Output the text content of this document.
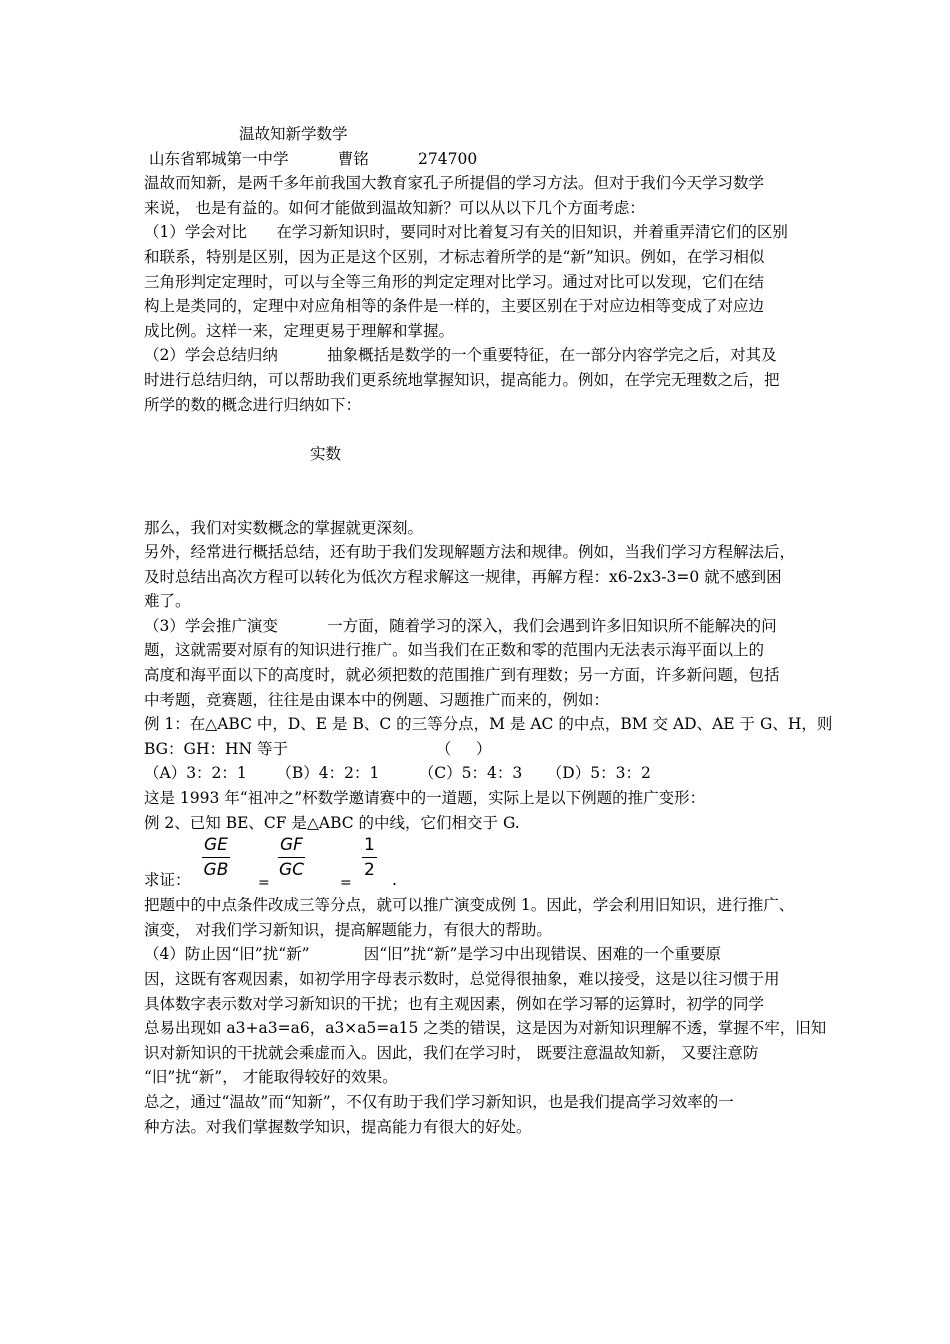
温故知新学数学
山东省郓城第一中学          曹铭          274700
温故而知新，是两千多年前我国大教育家孔子所提倡的学习方法。但对于我们今天学习数学
来说， 也是有益的。如何才能做到温故知新？可以从以下几个方面考虑：
（1）学会对比      在学习新知识时，要同时对比着复习有关的旧知识，并着重弄清它们的区别
和联系，特别是区别，因为正是这个区别，才标志着所学的是“新”知识。例如，在学习相似
三角形判定定理时，可以与全等三角形的判定定理对比学习。通过对比可以发现，它们在结
构上是类同的，定理中对应角相等的条件是一样的，主要区别在于对应边相等变成了对应边
成比例。这样一来，定理更易于理解和掌握。
（2）学会总结归纳          抽象概括是数学的一个重要特征，在一部分内容学完之后，对其及
时进行总结归纳，可以帮助我们更系统地掌握知识，提高能力。例如，在学完无理数之后，把
所学的数的概念进行归纳如下：
实数
那么，我们对实数概念的掌握就更深刻。
另外，经常进行概括总结，还有助于我们发现解题方法和规律。例如，当我们学习方程解法后，
及时总结出高次方程可以转化为低次方程求解这一规律，再解方程：x6-2x3-3=0 就不感到困
难了。
（3）学会推广演变          一方面，随着学习的深入，我们会遇到许多旧知识所不能解决的问
题，这就需要对原有的知识进行推广。如当我们在正数和零的范围内无法表示海平面以上的
高度和海平面以下的高度时，就必须把数的范围推广到有理数；另一方面，许多新问题，包括
中考题，竞赛题，往往是由课本中的例题、习题推广而来的，例如：
例 1：在△ABC 中，D、E 是 B、C 的三等分点，M 是 AC 的中点，BM 交 AD、AE 于 G、H，则
BG：GH：HN 等于                              （     ）
（A）3：2：1      （B）4：2：1        （C）5：4：3     （D）5：3：2
这是 1993 年“祖冲之”杯数学邀请赛中的一道题，实际上是以下例题的推广变形：
例 2、已知 BE、CF 是△ABC 的中线，它们相交于 G.
求证： $\frac{GE}{GB}$
=
$\frac{GF}{GC}$
=
$\frac{1}{2}$ .
把题中的中点条件改成三等分点，就可以推广演变成例 1。因此，学会利用旧知识，进行推广、
演变， 对我们学习新知识，提高解题能力，有很大的帮助。
（4）防止因“旧”扰“新”           因“旧”扰“新”是学习中出现错误、困难的一个重要原
因，这既有客观因素，如初学用字母表示数时，总觉得很抽象，难以接受，这是以往习惯于用
具体数字表示数对学习新知识的干扰；也有主观因素，例如在学习幂的运算时，初学的同学
总易出现如 a3+a3=a6，a3×a5=a15 之类的错误，这是因为对新知识理解不透，掌握不牢，旧知
识对新知识的干扰就会乘虚而入。因此，我们在学习时， 既要注意温故知新， 又要注意防
“旧”扰“新”， 才能取得较好的效果。
总之，通过“温故”而“知新”，不仅有助于我们学习新知识，也是我们提高学习效率的一
种方法。对我们掌握数学知识，提高能力有很大的好处。
